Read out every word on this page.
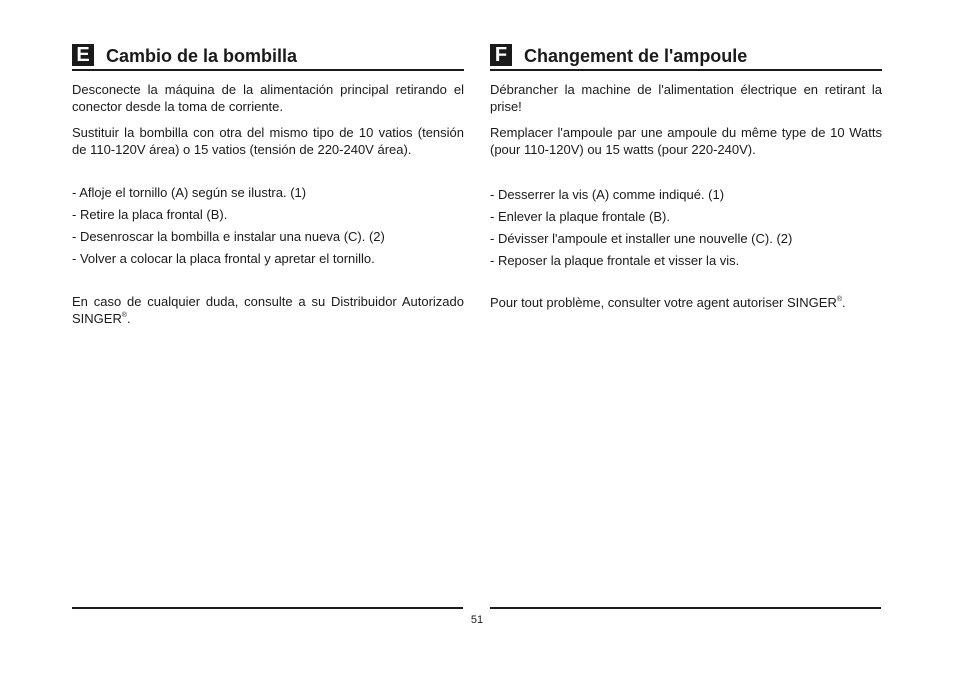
E Cambio de la bombilla

Desconecte la máquina de la alimentación principal retirando el conector desde la toma de corriente.

Sustituir la bombilla con otra del mismo tipo de 10 vatios (tensión de 110-120V área) o 15 vatios (tensión de 220-240V área).

- Afloje el tornillo (A) según se ilustra. (1)
- Retire la placa frontal (B).
- Desenroscar la bombilla e instalar una nueva (C). (2)
- Volver a colocar la placa frontal y apretar el tornillo.

En caso de cualquier duda, consulte a su Distribuidor Autorizado SINGER®.

F Changement de l'ampoule

Débrancher la machine de l'alimentation électrique en retirant la prise!

Remplacer l'ampoule par une ampoule du même type de 10 Watts (pour 110-120V) ou 15 watts (pour 220-240V).

- Desserrer la vis (A) comme indiqué. (1)
- Enlever la plaque frontale (B).
- Dévisser l'ampoule et installer une nouvelle (C). (2)
- Reposer la plaque frontale et visser la vis.

Pour tout problème, consulter votre agent autoriser SINGER®.

51
